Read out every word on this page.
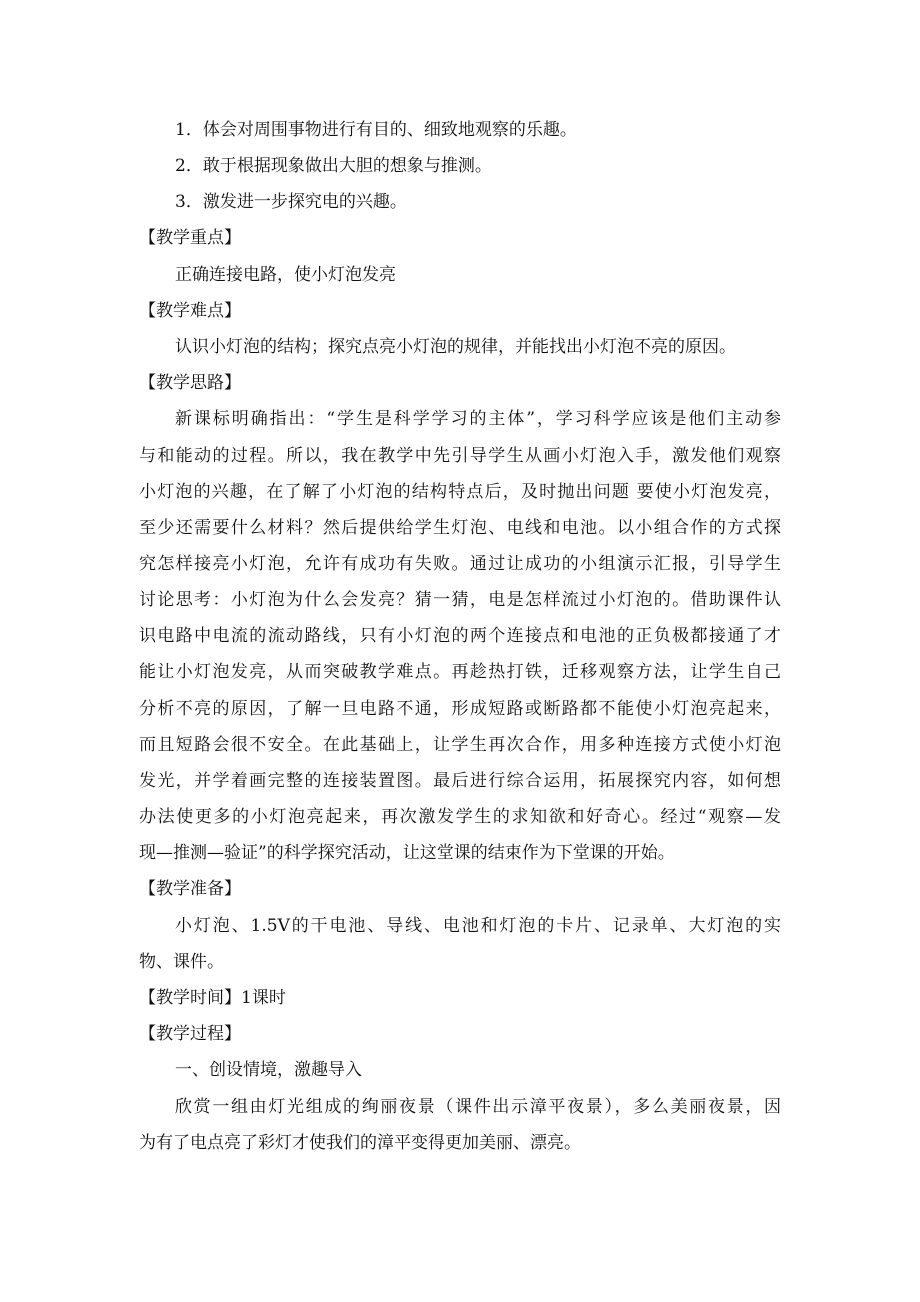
1．体会对周围事物进行有目的、细致地观察的乐趣。
2．敢于根据现象做出大胆的想象与推测。
3．激发进一步探究电的兴趣。
【教学重点】
正确连接电路，使小灯泡发亮
【教学难点】
认识小灯泡的结构；探究点亮小灯泡的规律，并能找出小灯泡不亮的原因。
【教学思路】
新课标明确指出：“学生是科学学习的主体”，学习科学应该是他们主动参
与和能动的过程。所以，我在教学中先引导学生从画小灯泡入手，激发他们观察
小灯泡的兴趣，在了解了小灯泡的结构特点后，及时抛出问题 要使小灯泡发亮，
至少还需要什么材料？然后提供给学生灯泡、电线和电池。以小组合作的方式探
究怎样接亮小灯泡，允许有成功有失败。通过让成功的小组演示汇报，引导学生
讨论思考：小灯泡为什么会发亮？猜一猜，电是怎样流过小灯泡的。借助课件认
识电路中电流的流动路线，只有小灯泡的两个连接点和电池的正负极都接通了才
能让小灯泡发亮，从而突破教学难点。再趁热打铁，迁移观察方法，让学生自己
分析不亮的原因，了解一旦电路不通，形成短路或断路都不能使小灯泡亮起来，
而且短路会很不安全。在此基础上，让学生再次合作，用多种连接方式使小灯泡
发光，并学着画完整的连接装置图。最后进行综合运用，拓展探究内容，如何想
办法使更多的小灯泡亮起来，再次激发学生的求知欲和好奇心。经过“观察—发
现—推测—验证”的科学探究活动，让这堂课的结束作为下堂课的开始。
【教学准备】
小灯泡、1.5V的干电池、导线、电池和灯泡的卡片、记录单、大灯泡的实
物、课件。
【教学时间】1课时
【教学过程】
一、创设情境，激趣导入
欣赏一组由灯光组成的绚丽夜景（课件出示漳平夜景），多么美丽夜景，因
为有了电点亮了彩灯才使我们的漳平变得更加美丽、漂亮。
